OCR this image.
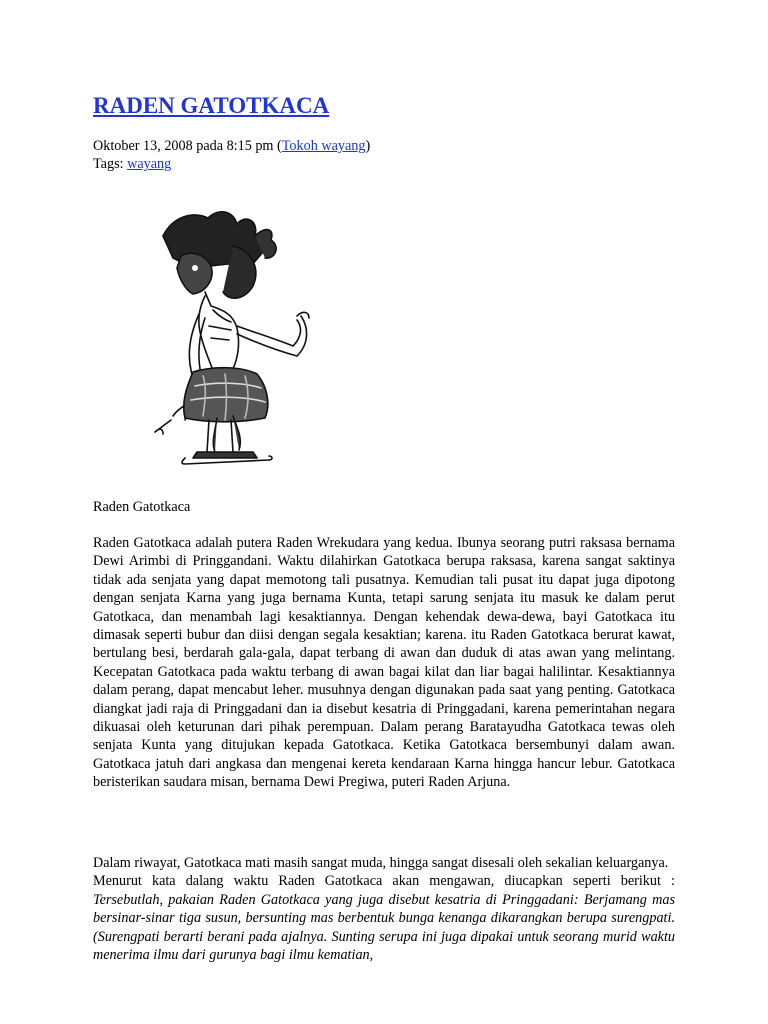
RADEN GATOTKACA
Oktober 13, 2008 pada 8:15 pm (Tokoh wayang)
Tags: wayang
Raden Gatotkaca

Raden Gatotkaca adalah putera Raden Wrekudara yang kedua. Ibunya seorang putri raksasa bernama Dewi Arimbi di Pringgandani. Waktu dilahirkan Gatotkaca berupa raksasa, karena sangat saktinya tidak ada senjata yang dapat memotong tali pusatnya. Kemudian tali pusat itu dapat juga dipotong dengan senjata Karna yang juga bernama Kunta, tetapi sarung senjata itu masuk ke dalam perut Gatotkaca, dan menambah lagi kesaktiannya. Dengan kehendak dewa-dewa, bayi Gatotkaca itu dimasak seperti bubur dan diisi dengan segala kesaktian; karena. itu Raden Gatotkaca berurat kawat, bertulang besi, berdarah gala-gala, dapat terbang di awan dan duduk di atas awan yang melintang. Kecepatan Gatotkaca pada waktu terbang di awan bagai kilat dan liar bagai halilintar. Kesaktiannya dalam perang, dapat mencabut leher. musuhnya dengan digunakan pada saat yang penting. Gatotkaca diangkat jadi raja di Pringgadani dan ia disebut kesatria di Pringgadani, karena pemerintahan negara dikuasai oleh keturunan dari pihak perempuan. Dalam perang Baratayudha Gatotkaca tewas oleh senjata Kunta yang ditujukan kepada Gatotkaca. Ketika Gatotkaca bersembunyi dalam awan. Gatotkaca jatuh dari angkasa dan mengenai kereta kendaraan Karna hingga hancur lebur. Gatotkaca beristerikan saudara misan, bernama Dewi Pregiwa, puteri Raden Arjuna.

Dalam riwayat, Gatotkaca mati masih sangat muda, hingga sangat disesali oleh sekalian keluarganya.

Menurut kata dalang waktu Raden Gatotkaca akan mengawan, diucapkan seperti berikut : Tersebutlah, pakaian Raden Gatotkaca yang juga disebut kesatria di Pringgadani: Berjamang mas bersinar-sinar tiga susun, bersunting mas berbentuk bunga kenanga dikarangkan berupa surengpati. (Surengpati berarti berani pada ajalnya. Sunting serupa ini juga dipakai untuk seorang murid waktu menerima ilmu dari gurunya bagi ilmu kematian,
